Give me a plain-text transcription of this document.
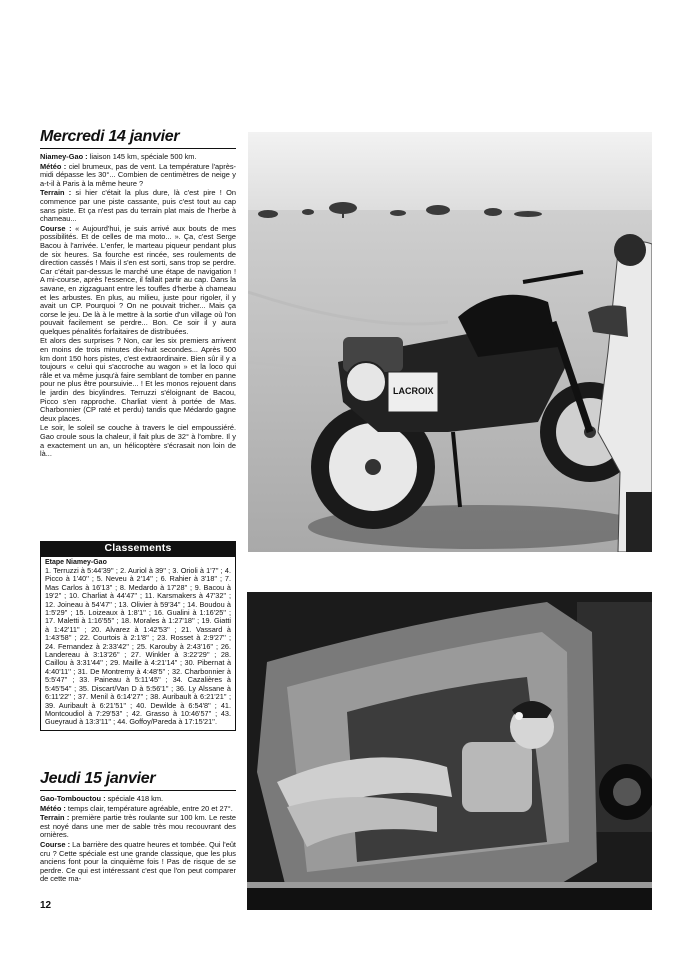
Mercredi 14 janvier

Niamey-Gao : liaison 145 km, spéciale 500 km.

Météo : ciel brumeux, pas de vent. La température l'après-midi dépasse les 30°... Combien de centimètres de neige y a-t-il à Paris à la même heure ?

Terrain : si hier c'était la plus dure, là c'est pire ! On commence par une piste cassante, puis c'est tout au cap sans piste. Et ça n'est pas du terrain plat mais de l'herbe à chameau...

Course : « Aujourd'hui, je suis arrivé aux bouts de mes possibilités. Et de celles de ma moto... ». Ça, c'est Serge Bacou à l'arrivée. L'enfer, le marteau piqueur pendant plus de six heures. Sa fourche est rincée, ses roulements de direction cassés ! Mais il s'en est sorti, sans trop se perdre. Car c'était par-dessus le marché une étape de navigation ! A mi-course, après l'essence, il fallait partir au cap. Dans la savane, en zigzaguant entre les touffes d'herbe à chameau et les arbustes. En plus, au milieu, juste pour rigoler, il y avait un CP. Pourquoi ? On ne pouvait tricher... Mais ça corse le jeu. De là à le mettre à la sortie d'un village où l'on pouvait facilement se perdre... Bon. Ce soir il y aura quelques pénalités forfaitaires de distribuées.

Et alors des surprises ? Non, car les six premiers arrivent en moins de trois minutes dix-huit secondes... Après 500 km dont 150 hors pistes, c'est extraordinaire. Bien sûr il y a toujours « celui qui s'accroche au wagon » et la loco qui râle et va même jusqu'à faire semblant de tomber en panne pour ne plus être poursuivie... ! Et les monos rejouent dans le jardin des bicylindres. Terruzzi s'éloignant de Bacou, Picco s'en rapproche. Charliat vient à portée de Mas. Charbonnier (CP raté et perdu) tandis que Médardo gagne deux places.

Le soir, le soleil se couche à travers le ciel empoussiéré. Gao croule sous la chaleur, il fait plus de 32° à l'ombre. Il y a exactement un an, un hélicoptère s'écrasait non loin de là...

Classements
Etape Niamey-Gao
1. Terruzzi à 5:44'39'' ; 2. Auriol à 39'' ; 3. Orioli à 1'7'' ; 4. Picco à 1'40'' ; 5. Neveu à 2'14'' ; 6. Rahier à 3'18'' ; 7. Mas Carlos à 16'13'' ; 8. Medardo à 17'28'' ; 9. Bacou à 19'2'' ; 10. Charliat à 44'47'' ; 11. Karsmakers à 47'32'' ; 12. Joineau à 54'47'' ; 13. Olivier à 59'34'' ; 14. Boudou à 1:5'29'' ; 15. Loizeaux à 1:8'1'' ; 16. Gualini à 1:16'25'' ; 17. Maletti à 1:16'55'' ; 18. Morales à 1:27'18'' ; 19. Giatti à 1:42'11'' ; 20. Alvarez à 1:42'53'' ; 21. Vassard à 1:43'58'' ; 22. Courtois à 2:1'8'' ; 23. Rosset à 2:9'27'' ; 24. Fernandez à 2:33'42'' ; 25. Karouby à 2:43'16'' ; 26. Landereau à 3:13'26'' ; 27. Winkler à 3:22'29'' ; 28. Caillou à 3:31'44'' ; 29. Maille à 4:21'14'' ; 30. Pibernat à 4:40'11'' ; 31. De Montremy à 4:48'5'' ; 32. Charbonnier à 5:5'47'' ; 33. Paineau à 5:11'45'' ; 34. Cazalières à 5:45'54'' ; 35. Discart/Van D à 5:56'1'' ; 36. Ly Alssane à 6:11'22'' ; 37. Menil à 6:14'27'' ; 38. Auribault à 6:21'21'' ; 39. Auribault à 6:21'51'' ; 40. Dewilde à 6:54'8'' ; 41. Montcoudiol à 7:29'53'' ; 42. Grasso à 10:46'57'' ; 43. Gueyraud à 13:3'11'' ; 44. Goffoy/Pareda à 17:15'21''.
Jeudi 15 janvier

Gao-Tombouctou : spéciale 418 km.

Météo : temps clair, température agréable, entre 20 et 27°.

Terrain : première partie très roulante sur 100 km. Le reste est noyé dans une mer de sable très mou recouvrant des ornières.

Course : La barrière des quatre heures et tombée. Qui l'eût cru ? Cette spéciale est une grande classique, que les plus anciens font pour la cinquième fois ! Pas de risque de se perdre. Ce qui est intéressant c'est que l'on peut comparer de cette ma-

12
LACROIX
